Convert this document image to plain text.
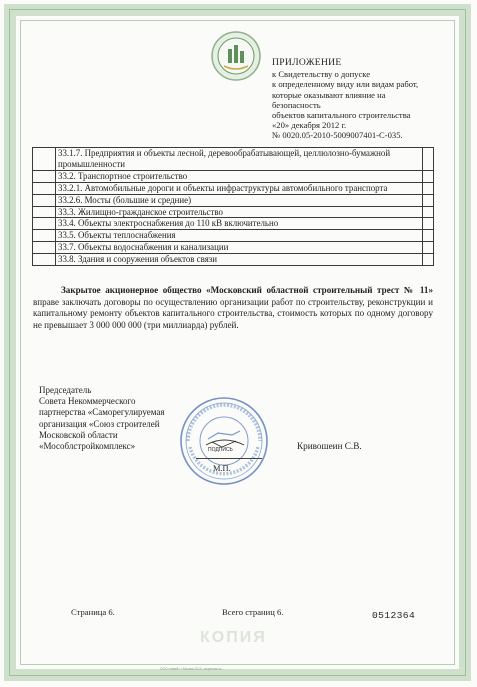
ПРИЛОЖЕНИЕ
к Свидетельству о допуске
к определенному виду или видам работ,
которые оказывают влияние на
безопасность
объектов капитального строительства
«20» декабря 2012 г.
№ 0020.05-2010-5009007401-С-035.
	33.1.7. Предприятия и объекты лесной, деревообрабатывающей, целлюлозно-бумажной промышленности	
	33.2. Транспортное строительство	
	33.2.1. Автомобильные дороги и объекты инфраструктуры автомобильного транспорта	
	33.2.6. Мосты (большие и средние)	
	33.3. Жилищно-гражданское строительство	
	33.4. Объекты электроснабжения до 110 кВ включительно	
	33.5. Объекты теплоснабжения	
	33.7. Объекты водоснабжения и канализации	
	33.8. Здания и сооружения объектов связи	
Закрытое акционерное общество «Московский областной строительный трест № 11» вправе заключать договоры по осуществлению организации работ по строительству, реконструкции и капитальному ремонту объектов капитального строительства, стоимость которых по одному договору не превышает 3 000 000 000 (три миллиарда) рублей.
Председатель
Совета Некоммерческого
партнерства «Саморегулируемая
организация «Союз строителей
Московской области
«Мособлстройкомплекс»	ПОДПИСЬ
М.П.
Кривошеин С.В.
Страница 6.	Всего страниц 6.	0512364
КОПИЯ
ООО «Нимб» • Москва 2010, лицензия №...
